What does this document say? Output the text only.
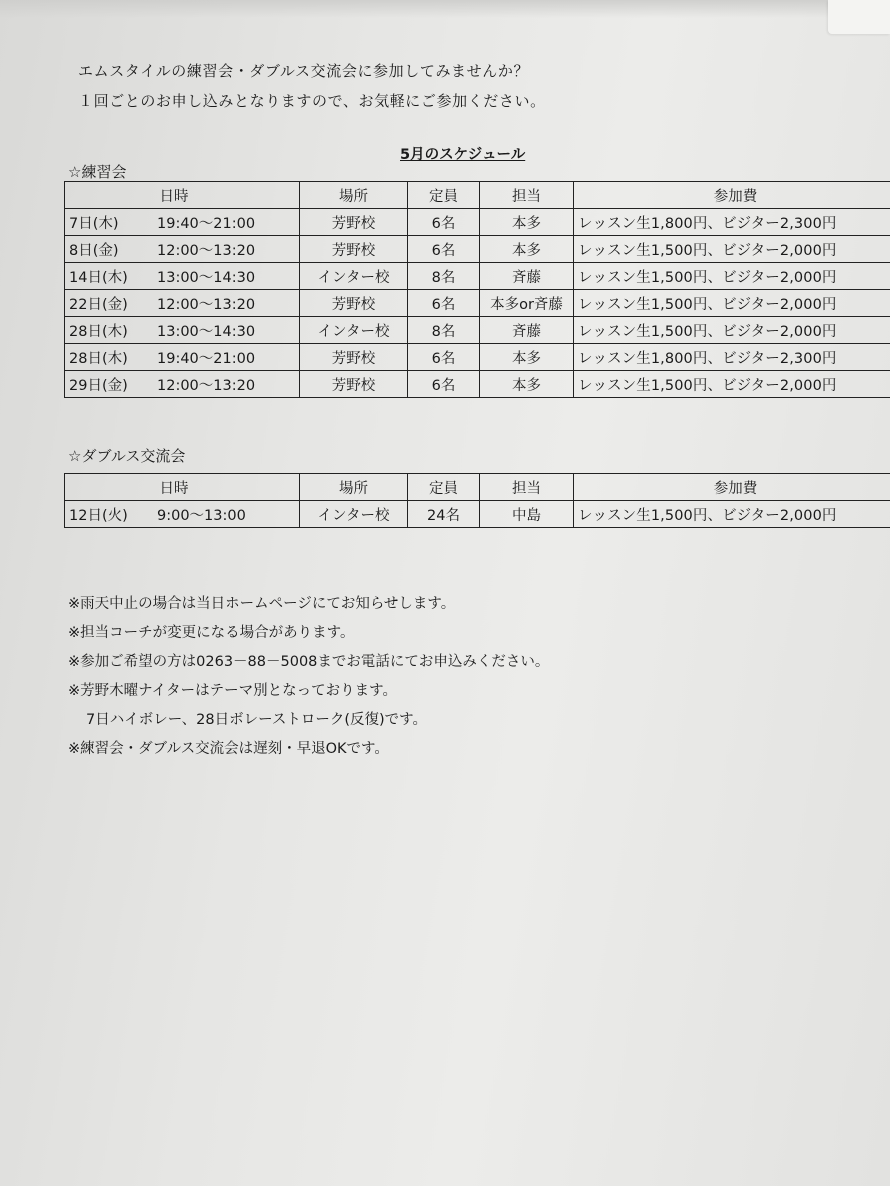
エムスタイルの練習会・ダブルス交流会に参加してみませんか？
１回ごとのお申し込みとなりますので、お気軽にご参加ください。
5月のスケジュール
☆練習会
日時	場所	定員	担当	参加費
7日(木) 19:40～21:00	芳野校	6名	本多	レッスン生1,800円、ビジター2,300円
8日(金) 12:00～13:20	芳野校	6名	本多	レッスン生1,500円、ビジター2,000円
14日(木) 13:00～14:30	インター校	8名	斉藤	レッスン生1,500円、ビジター2,000円
22日(金) 12:00～13:20	芳野校	6名	本多or斉藤	レッスン生1,500円、ビジター2,000円
28日(木) 13:00～14:30	インター校	8名	斉藤	レッスン生1,500円、ビジター2,000円
28日(木) 19:40～21:00	芳野校	6名	本多	レッスン生1,800円、ビジター2,300円
29日(金) 12:00～13:20	芳野校	6名	本多	レッスン生1,500円、ビジター2,000円
☆ダブルス交流会
日時	場所	定員	担当	参加費
12日(火) 9:00～13:00	インター校	24名	中島	レッスン生1,500円、ビジター2,000円
※雨天中止の場合は当日ホームページにてお知らせします。
※担当コーチが変更になる場合があります。
※参加ご希望の方は0263－88－5008までお電話にてお申込みください。
※芳野木曜ナイターはテーマ別となっております。
7日ハイボレー、28日ボレーストローク(反復)です。
※練習会・ダブルス交流会は遅刻・早退OKです。
